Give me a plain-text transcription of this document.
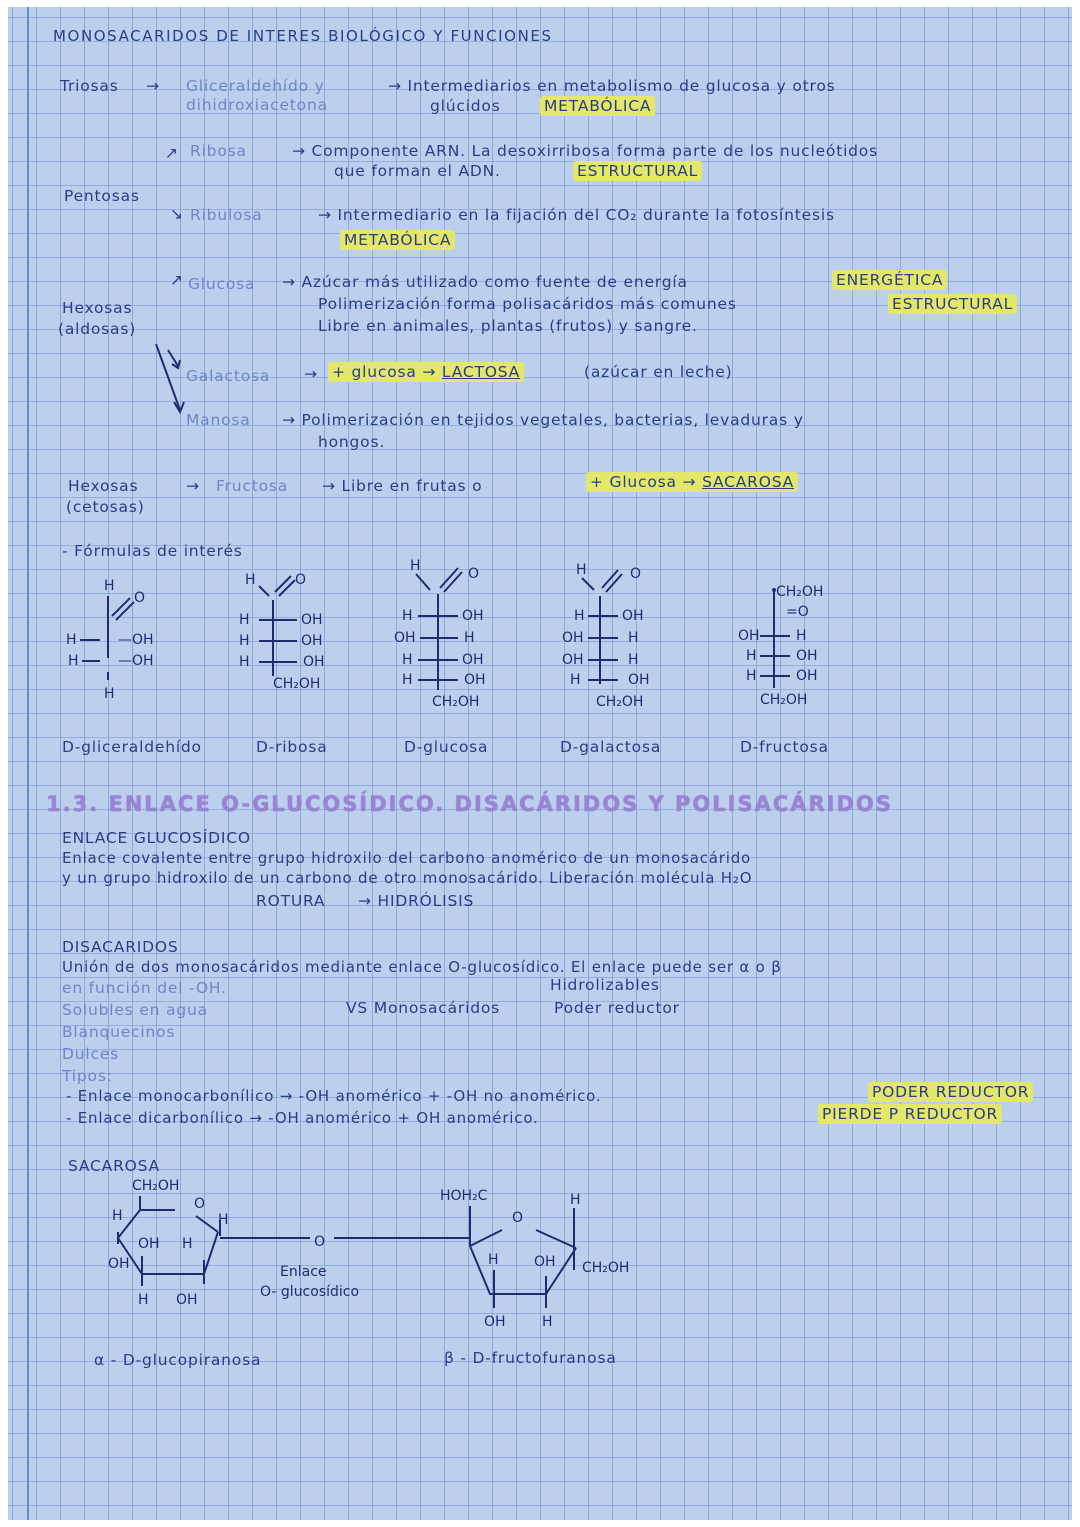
MONOSACARIDOS DE INTERES BIOLÓGICO Y FUNCIONES
Triosas → Gliceraldehído y
dihidroxiacetona
→ Intermediarios en metabolismo de glucosa y otros
glúcidos	METABÓLICA
↗ Ribosa	→ Componente ARN. La desoxirribosa forma parte de los nucleótidos
que forman el ADN.	ESTRUCTURAL
Pentosas
↘ Ribulosa	→ Intermediario en la fijación del CO₂ durante la fotosíntesis
METABÓLICA
↗ Glucosa → Azúcar más utilizado como fuente de energía	ENERGÉTICA
Polimerización forma polisacáridos más comunes	ESTRUCTURAL
Libre en animales, plantas (frutos) y sangre.
Hexosas
(aldosas)
Galactosa → + glucosa → LACTOSA	(azúcar en leche)
Manosa → Polimerización en tejidos vegetales, bacterias, levaduras y
hongos.
Hexosas
(cetosas)
→ Fructosa → Libre en frutas o	+ Glucosa → SACAROSA
- Fórmulas de interés
H
O
H	—OH
H	—OH
H
D-gliceraldehído
H	O
H	OH
H	OH
H	OH
CH₂OH
D-ribosa
H	O
H	OH
OH	H
H	OH
H	OH
CH₂OH
D-glucosa
H	O
H	OH
OH	H
OH	H
H	OH
CH₂OH
D-galactosa
CH₂OH
=O
OH	H
H	OH
H	OH
CH₂OH
D-fructosa
1.3. ENLACE O-GLUCOSÍDICO. DISACÁRIDOS Y POLISACÁRIDOS
ENLACE GLUCOSÍDICO
Enlace covalente entre grupo hidroxilo del carbono anomérico de un monosacárido
y un grupo hidroxilo de un carbono de otro monosacárido. Liberación molécula H₂O
ROTURA → HIDRÓLISIS
DISACARIDOS
Unión de dos monosacáridos mediante enlace O-glucosídico. El enlace puede ser α o β
en función del -OH.	Hidrolizables
Solubles en agua	VS Monosacáridos	Poder reductor
Blanquecinos
Dulces
Tipos:
- Enlace monocarbonílico → -OH anomérico + -OH no anomérico.	PODER REDUCTOR
- Enlace dicarbonílico → -OH anomérico + OH anomérico.	PIERDE P REDUCTOR
SACAROSA
CH₂OH
H
O
H
OH H
OH
H OH
O
Enlace
O- glucosídico
HOH₂C
O
H
H	OH CH₂OH
OH	H
α - D-glucopiranosa	β - D-fructofuranosa
